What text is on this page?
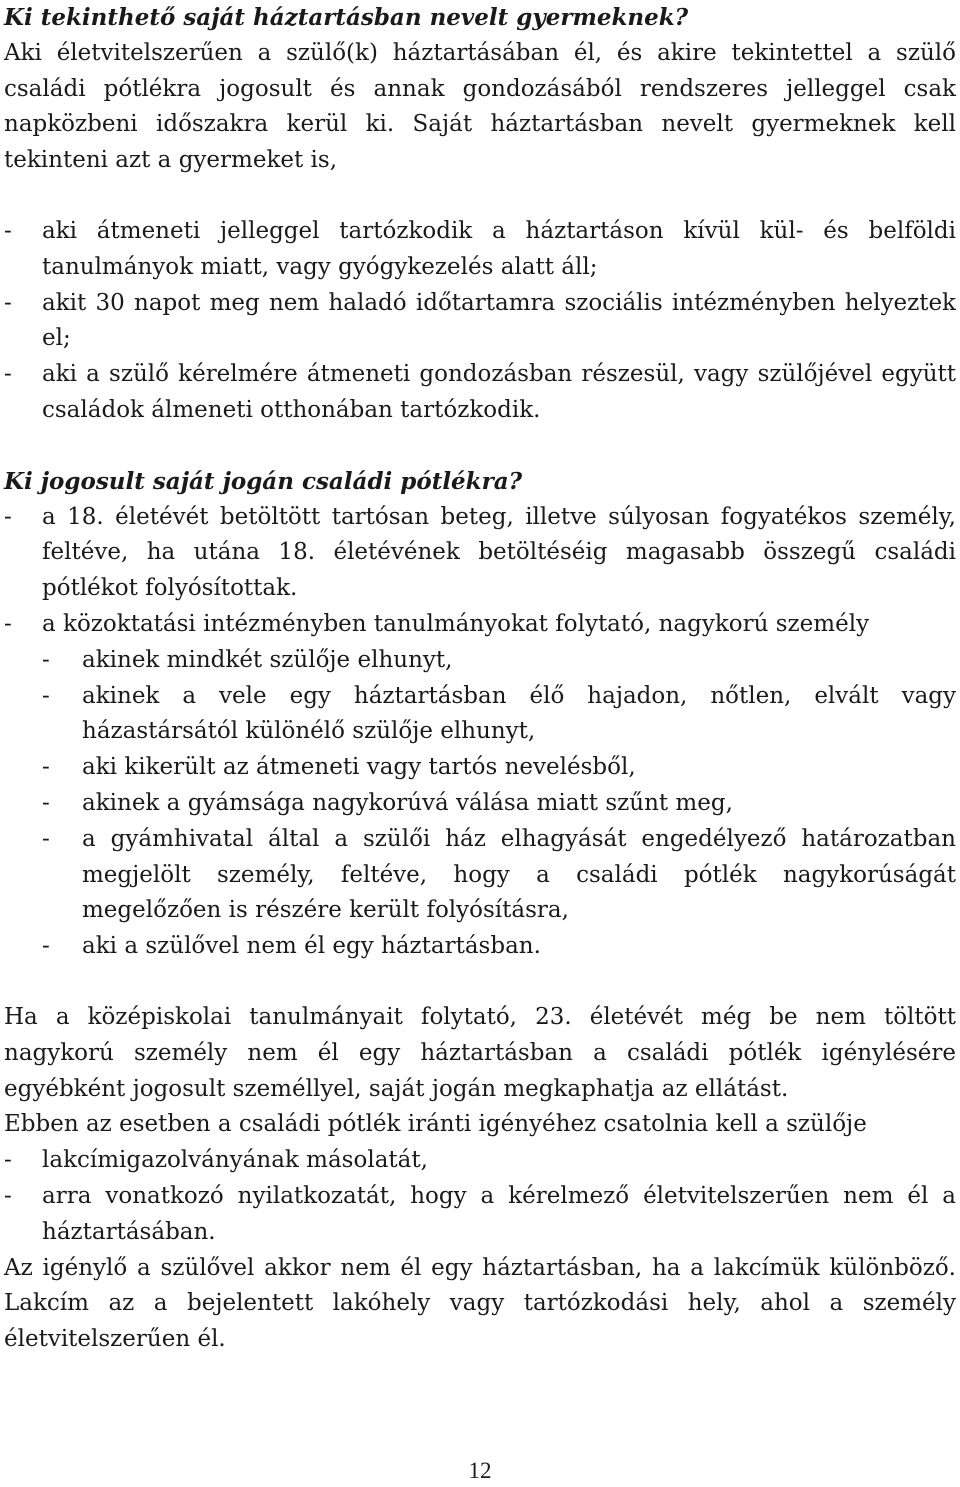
Ki tekinthető saját háztartásban nevelt gyermeknek?

Aki életvitelszerűen a szülő(k) háztartásában él, és akire tekintettel a szülő családi pótlékra jogosult és annak gondozásából rendszeres jelleggel csak napközbeni időszakra kerül ki. Saját háztartásban nevelt gyermeknek kell tekinteni azt a gyermeket is,

- aki átmeneti jelleggel tartózkodik a háztartáson kívül kül- és belföldi tanulmányok miatt, vagy gyógykezelés alatt áll;
- akit 30 napot meg nem haladó időtartamra szociális intézményben helyeztek el;
- aki a szülő kérelmére átmeneti gondozásban részesül, vagy szülőjével együtt családok álmeneti otthonában tartózkodik.

Ki jogosult saját jogán családi pótlékra?

- a 18. életévét betöltött tartósan beteg, illetve súlyosan fogyatékos személy, feltéve, ha utána 18. életévének betöltéséig magasabb összegű családi pótlékot folyósítottak.
- a közoktatási intézményben tanulmányokat folytató, nagykorú személy
- akinek mindkét szülője elhunyt,
- akinek a vele egy háztartásban élő hajadon, nőtlen, elvált vagy házastársától különélő szülője elhunyt,
- aki kikerült az átmeneti vagy tartós nevelésből,
- akinek a gyámsága nagykorúvá válása miatt szűnt meg,
- a gyámhivatal által a szülői ház elhagyását engedélyező határozatban megjelölt személy, feltéve, hogy a családi pótlék nagykorúságát megelőzően is részére került folyósításra,
- aki a szülővel nem él egy háztartásban.

Ha a középiskolai tanulmányait folytató, 23. életévét még be nem töltött nagykorú személy nem él egy háztartásban a családi pótlék igénylésére egyébként jogosult személlyel, saját jogán megkaphatja az ellátást.

Ebben az esetben a családi pótlék iránti igényéhez csatolnia kell a szülője

- lakcímigazolványának másolatát,
- arra vonatkozó nyilatkozatát, hogy a kérelmező életvitelszerűen nem él a háztartásában.

Az igénylő a szülővel akkor nem él egy háztartásban, ha a lakcímük különböző. Lakcím az a bejelentett lakóhely vagy tartózkodási hely, ahol a személy életvitelszerűen él.

12
